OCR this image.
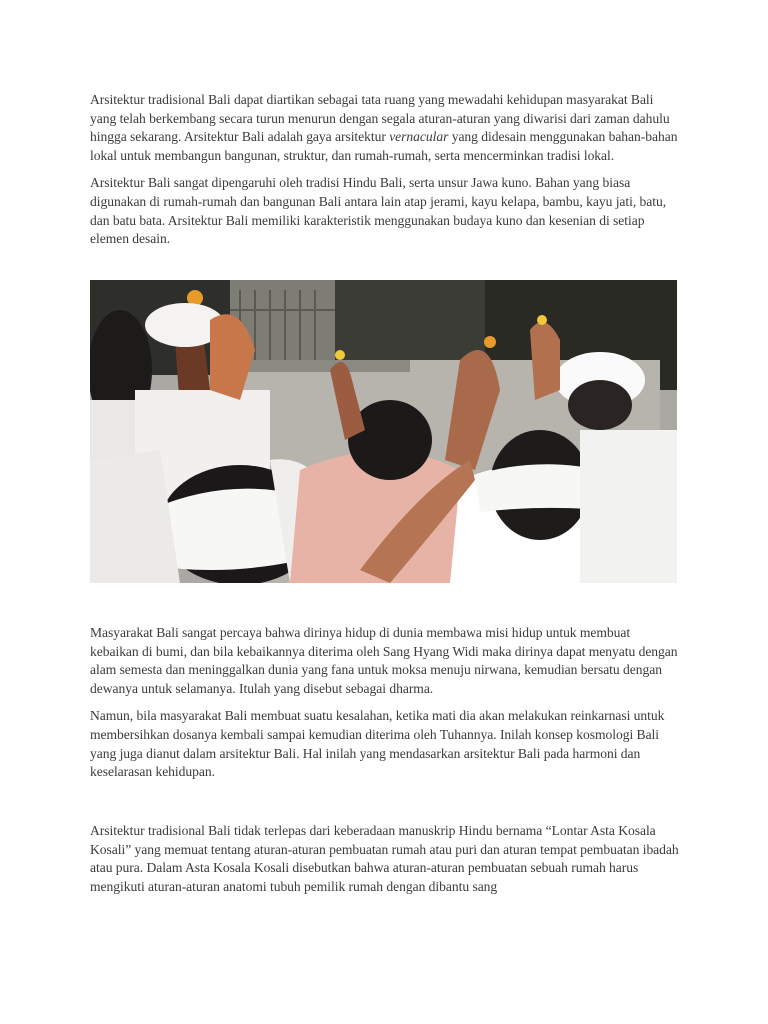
Arsitektur tradisional Bali dapat diartikan sebagai tata ruang yang mewadahi kehidupan masyarakat Bali yang telah berkembang secara turun menurun dengan segala aturan-aturan yang diwarisi dari zaman dahulu hingga sekarang. Arsitektur Bali adalah gaya arsitektur vernacular yang didesain menggunakan bahan-bahan lokal untuk membangun bangunan, struktur, dan rumah-rumah, serta mencerminkan tradisi lokal.

Arsitektur Bali sangat dipengaruhi oleh tradisi Hindu Bali, serta unsur Jawa kuno. Bahan yang biasa digunakan di rumah-rumah dan bangunan Bali antara lain atap jerami, kayu kelapa, bambu, kayu jati, batu, dan batu bata. Arsitektur Bali memiliki karakteristik menggunakan budaya kuno dan kesenian di setiap elemen desain.

Masyarakat Bali sangat percaya bahwa dirinya hidup di dunia membawa misi hidup untuk membuat kebaikan di bumi, dan bila kebaikannya diterima oleh Sang Hyang Widi maka dirinya dapat menyatu dengan alam semesta dan meninggalkan dunia yang fana untuk moksa menuju nirwana, kemudian bersatu dengan dewanya untuk selamanya. Itulah yang disebut sebagai dharma.

Namun, bila masyarakat Bali membuat suatu kesalahan, ketika mati dia akan melakukan reinkarnasi untuk membersihkan dosanya kembali sampai kemudian diterima oleh Tuhannya. Inilah konsep kosmologi Bali yang juga dianut dalam arsitektur Bali. Hal inilah yang mendasarkan arsitektur Bali pada harmoni dan keselarasan kehidupan.

Arsitektur tradisional Bali tidak terlepas dari keberadaan manuskrip Hindu bernama “Lontar Asta Kosala Kosali” yang memuat tentang aturan-aturan pembuatan rumah atau puri dan aturan tempat pembuatan ibadah atau pura. Dalam Asta Kosala Kosali disebutkan bahwa aturan-aturan pembuatan sebuah rumah harus mengikuti aturan-aturan anatomi tubuh pemilik rumah dengan dibantu sang
